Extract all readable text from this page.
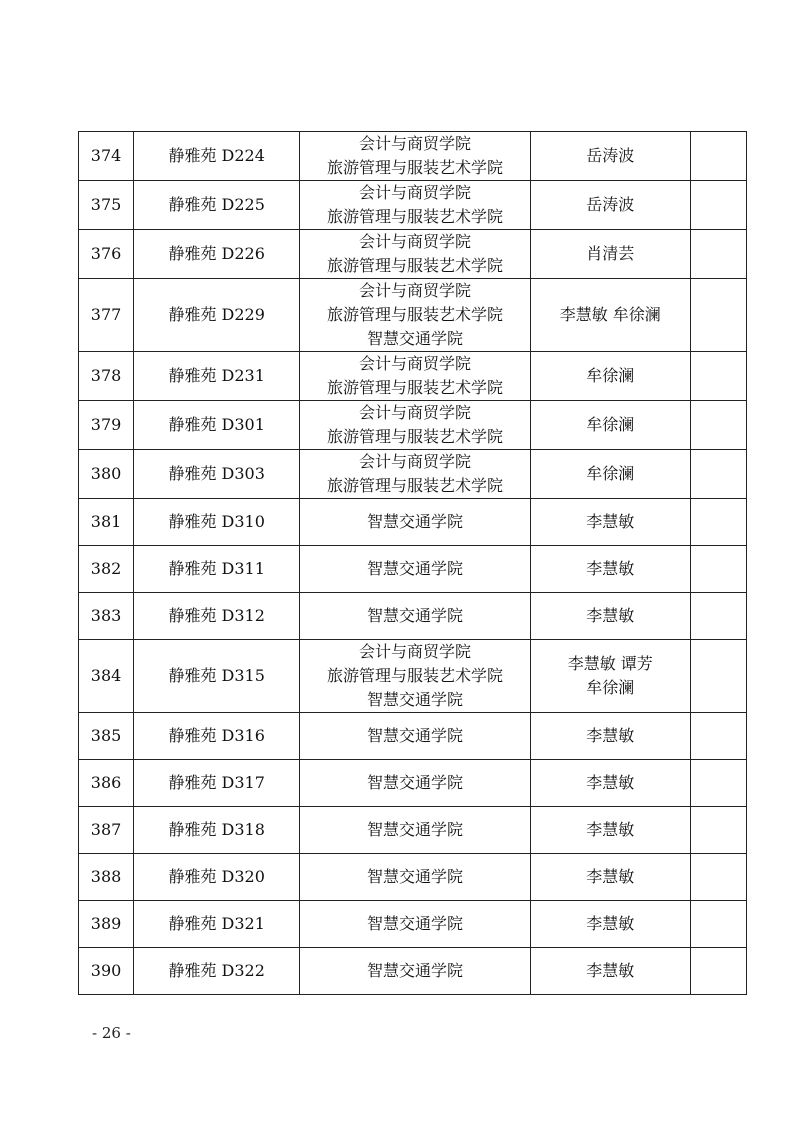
374	静雅苑 D224	会计与商贸学院
旅游管理与服装艺术学院	岳涛波	

375	静雅苑 D225	会计与商贸学院
旅游管理与服装艺术学院	岳涛波	

376	静雅苑 D226	会计与商贸学院
旅游管理与服装艺术学院	肖清芸	

377	静雅苑 D229	会计与商贸学院
旅游管理与服装艺术学院
智慧交通学院	李慧敏 牟徐澜	

378	静雅苑 D231	会计与商贸学院
旅游管理与服装艺术学院	牟徐澜	

379	静雅苑 D301	会计与商贸学院
旅游管理与服装艺术学院	牟徐澜	

380	静雅苑 D303	会计与商贸学院
旅游管理与服装艺术学院	牟徐澜	

381	静雅苑 D310	智慧交通学院	李慧敏	

382	静雅苑 D311	智慧交通学院	李慧敏	

383	静雅苑 D312	智慧交通学院	李慧敏	

384	静雅苑 D315	会计与商贸学院
旅游管理与服装艺术学院
智慧交通学院	李慧敏 谭芳
牟徐澜	

385	静雅苑 D316	智慧交通学院	李慧敏	

386	静雅苑 D317	智慧交通学院	李慧敏	

387	静雅苑 D318	智慧交通学院	李慧敏	

388	静雅苑 D320	智慧交通学院	李慧敏	

389	静雅苑 D321	智慧交通学院	李慧敏	

390	静雅苑 D322	智慧交通学院	李慧敏	

- 26 -
